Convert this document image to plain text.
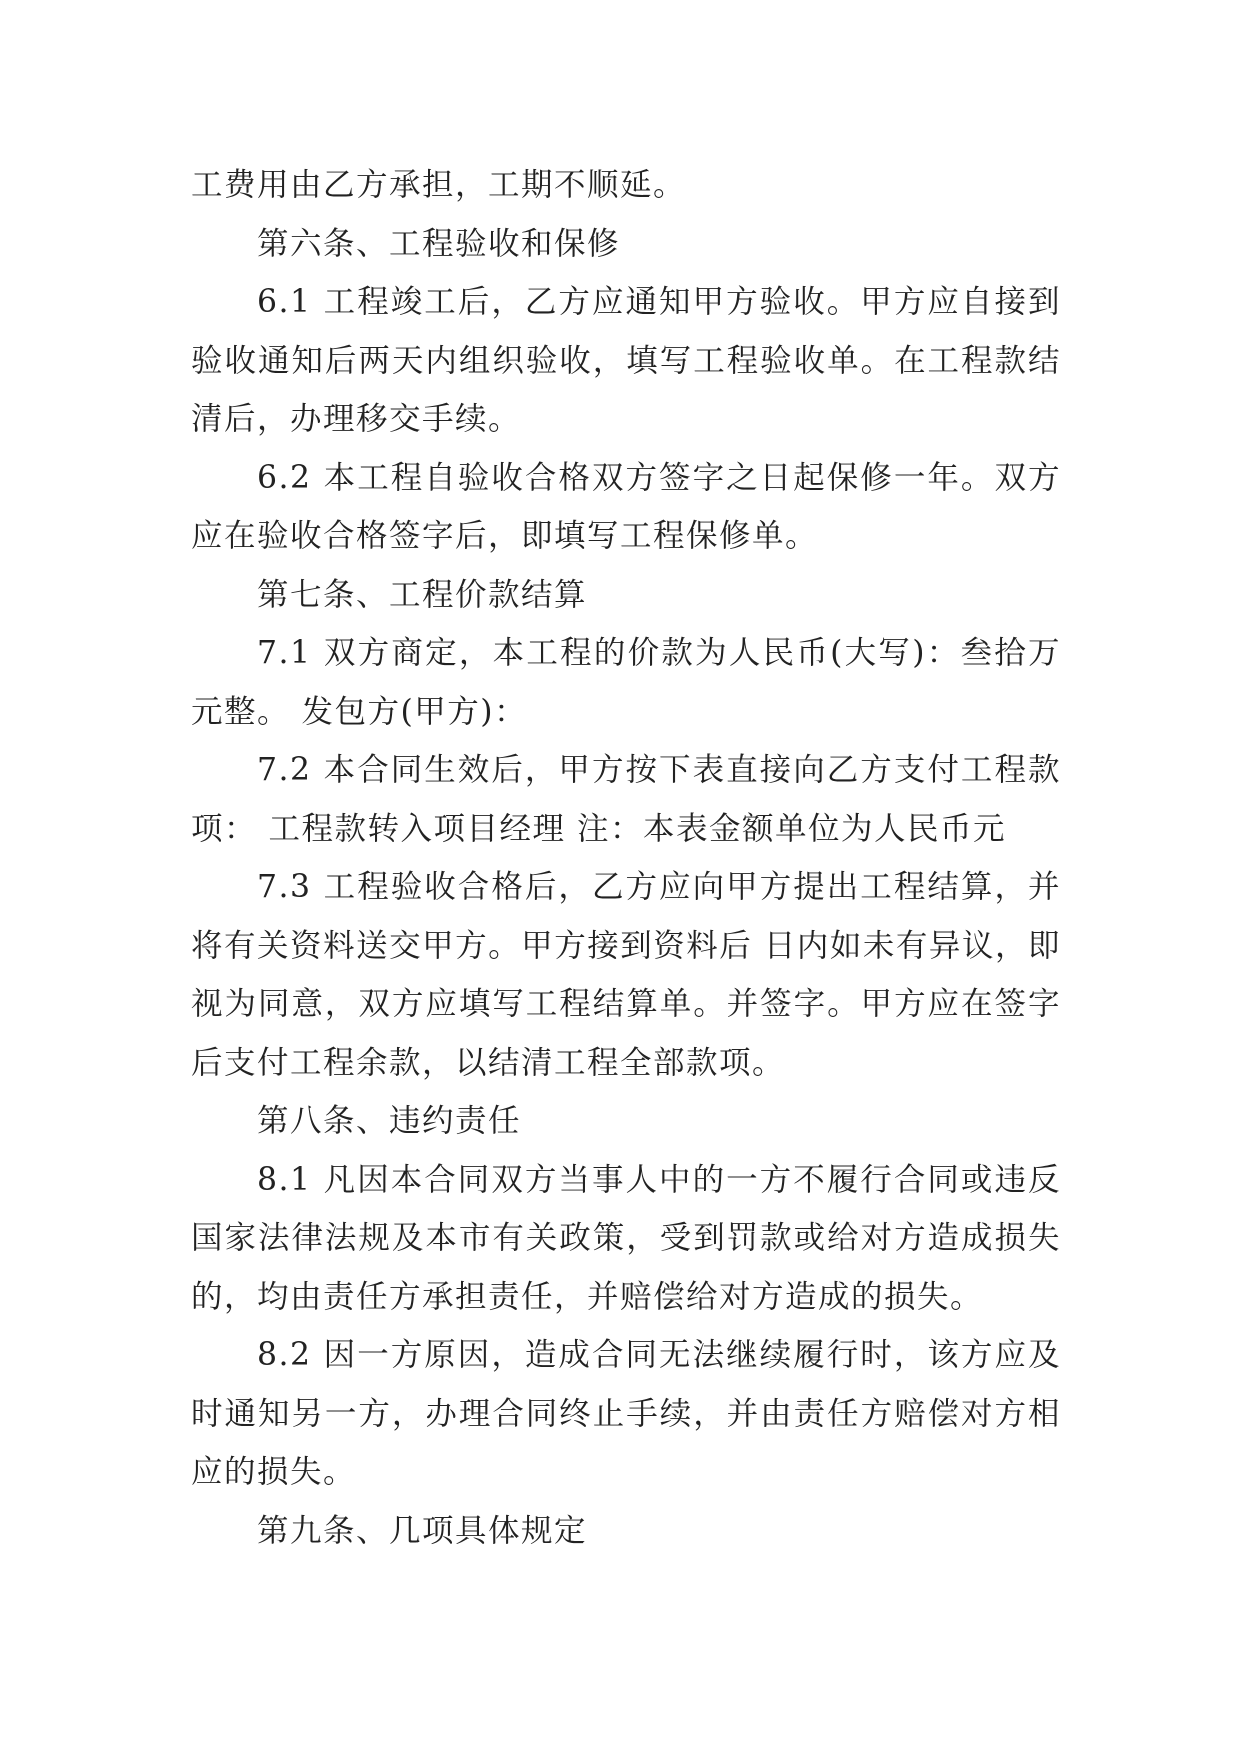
工费用由乙方承担，工期不顺延。

第六条、工程验收和保修

6.1 工程竣工后，乙方应通知甲方验收。甲方应自接到验收通知后两天内组织验收，填写工程验收单。在工程款结清后，办理移交手续。

6.2 本工程自验收合格双方签字之日起保修一年。双方应在验收合格签字后，即填写工程保修单。

第七条、工程价款结算

7.1 双方商定，本工程的价款为人民币(大写)：叁拾万元整。 发包方(甲方)：

7.2 本合同生效后，甲方按下表直接向乙方支付工程款项： 工程款转入项目经理 注：本表金额单位为人民币元

7.3 工程验收合格后，乙方应向甲方提出工程结算，并将有关资料送交甲方。甲方接到资料后 日内如未有异议，即视为同意，双方应填写工程结算单。并签字。甲方应在签字后支付工程余款，以结清工程全部款项。

第八条、违约责任

8.1 凡因本合同双方当事人中的一方不履行合同或违反国家法律法规及本市有关政策，受到罚款或给对方造成损失的，均由责任方承担责任，并赔偿给对方造成的损失。

8.2 因一方原因，造成合同无法继续履行时，该方应及时通知另一方，办理合同终止手续，并由责任方赔偿对方相应的损失。

第九条、几项具体规定
